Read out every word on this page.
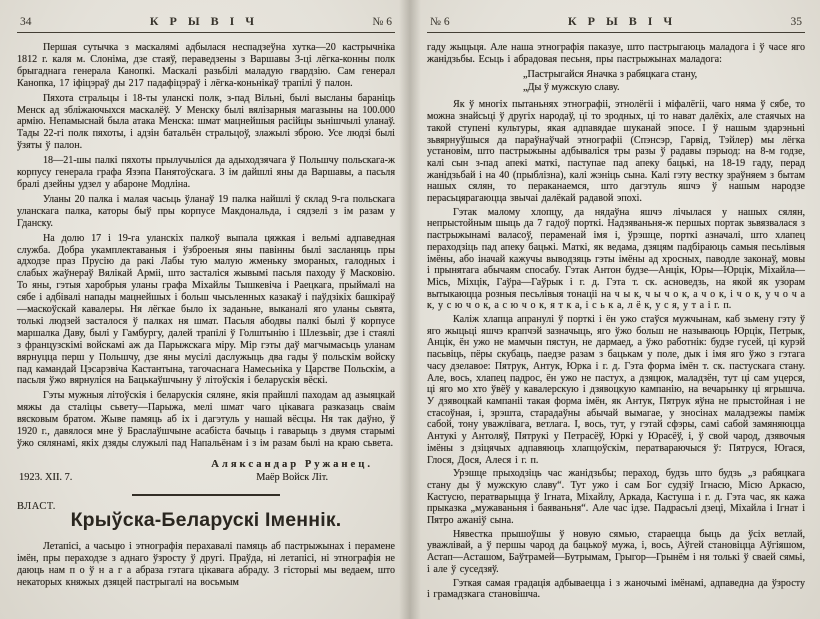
34	КРЫВІЧ	№ 6

Першая сутычка з маскалямі адбылася неспадзеўна хутка—20 кастрычніка 1812 г. каля м. Слоніма, дзе стаяў, пераведзены з Варшавы 3-ці лёгка-конны полк брыгаднага генерала Канопкі. Маскалі разьбілі маладую гвардзію. Сам генерал Канопка, 17 іфіцэраў ды 217 падафіцэраў і лёгка-коньнікаў трапілі ў палон.

Пяхота стральцы і 18-ты уланскі полк, з-пад Вільні, былі высланы бараніць Менск ад збліжаючыхся маскалёў. У Менску былі вялізарныя магазыны на 100.000 армію. Непамыснай была атака Менска: шмат мацнейшыя расійцы зьнішчылі уланаў. Тады 22-гі полк пяхоты, і адзін батальён стральцоў, злажылі зброю. Усе людзі былі ўзяты ў палон.

18—21-шы палкі пяхоты прылучыліся да адыходзячага ў Польшчу польскага-ж корпусу генерала графа Язэпа Панятоўскага. З ім дайшлі яны да Варшавы, а пасьля бралі дзейны удзел у абароне Модліна.

Уланы 20 палка і малая часьць ўланаў 19 палка найшлі ў склад 9-га польскага уланскага палка, каторы быў пры корпусе Макдональда, і сядзелі з ім разам у Гданску.

На долю 17 і 19-га уланскіх палкоў выпала цяжкая і вельмі адпаведная служба. Добра укамплектаваныя і ўзброеныя яны павінны былі засланяць пры адходзе праз Прусію да ракі Лабы тую малую жменьку змораных, галодных і слабых жаўнераў Вялікай Арміі, што засталіся жывымі пасьля паходу ў Масковію. То яны, гэтыя харобрыя уланы графа Міхайлы Тышкевіча і Раецкага, прыймалі на сябе і адбівалі напады мацнейшых і больш чысьленных казакаў і паўдзікіх башкіраў—маскоўскай кавалеры. Ня лёгкае было іх заданьне, выканалі яго уланы сьвята, толькі людзей засталося ў палках ня шмат. Пасьля абодвы палкі былі ў корпусе маршалка Даву, былі у Гамбургу, далей трапілі ў Голштынію і Шлезьвіг, дзе і стаялі з французскімі войскамі аж да Парыжскага міру. Мір гэты даў магчымасьць уланам вярнуцца перш у Польшчу, дзе яны мусілі даслужыць два гады ў польскім войску пад камандай Цэсарэвіча Кастантына, тагочаснага Намесьніка у Царстве Польскім, а пасьля ўжо вярнуліся на Бацькаўшчыну ў літоўскія і беларускія вёскі.

Гэты мужныя літоўскія і беларускія сяляне, якія прайшлі паходам ад азыяцкай мяжы да сталіцы сьвету—Парыжа, мелі шмат чаго цікавага разказаць сваім вясковым братом. Жыве памяць аб іх і дагэтуль у нашай вёсцы. Ня так даўно, ў 1920 г., давялося мне ў Браслаўшчыне асабіста бачыць і гаварыць з двумя старымі ўжо сялянамі, якіх дзяды служылі пад Напальёнам і з ім разам былі на краю сьвета.

1923. XII. 7.
Аляксандар Ружанец.
Маёр Войск Літ.
ВЛАСТ.
Крыўска-Беларускі Іменнік.

Летапісі, а часьцю і этнографія перахавалі памяць аб пастрыжынах і перамене імён, пры пераходзе з аднаго ўзросту ў другі. Праўда, ні летапісі, ні этнографія не даюць нам п о ў н а г а абраза гэтага цікавага абраду. З гісторыі мы ведаем, што некаторых княжых дзяцей пастрыгалі на восьмым

№ 6	КРЫВІЧ	35

гаду жыцьця. Але наша этнографія паказуе, што пастрыгаюць маладога і ў часе яго жанідзьбы. Есьць і абрадовая песьня, пры пастрыжынах маладога:

„Пастрыгайся Яначка з рабяцкага стану,
„Ды ў мужскую славу.

Як ў многіх пытаньнях этнографіі, этнолёгіі і міфалёгіі, чаго няма ў сябе, то можна знайсьці ў другіх народаў, ці то зродных, ці то нават далёкіх, але стаячых на такой ступені культуры, якая адпавядае шуканай эпосе. І ў нашым здарэньні зьвярнуўшыся да параўнаўчай этнографіі (Спэнсэр, Гарвід, Тэйлер) мы лёгка установім, што пастрыжыны адбываліся тры разы ў радавы пэрыод: на 8-м годзе, калі сын з-пад апекі маткі, паступае пад апеку бацькі, на 18-19 гаду, перад жанідзьбай і на 40 (прыблізна), калі жэніць сына. Калі гэту вестку зраўняем з бытам нашых сялян, то пераканаемся, што дагэтуль яшчэ ў нашым народзе перасьцярагаюцца звычаі далёкай радавой эпохі.

Гэтак малому хлопцу, да нядаўна яшчэ лічылася у нашых сялян, непрыстойным шыць да 7 гадоў порткі. Надзяваньня-ж першых портак зьвязвалася з пастрыжынамі валасоў, пераменай імя і, ўрэшце, порткі азначалі, што хлапец пераходзіць пад апеку бацькі. Маткі, як ведама, дзяцям падбіраюць самыя песьлівыя імёны, або іначай кажучы выводзяць гэты імёны ад хросных, паводле законаў, мовы і прынятага абычаям спосабу. Гэтак Антон будзе—Анцік, Юры—Юрцік, Міхайла—Місь, Міхцік, Гаўра—Гаўрык і г. д. Гэта т. ск. асноведзь, на якой як узорам вытыкаюцца розныя песьлівыя тонаціі на ч ы к, ч ы ч о к, а ч о к, і ч о к, у ч о ч а к, у с ю ч о к, а с ю ч о к, я т к а, і с ь к а, л ё к, у с я, у т а і г. п.

Каліж хлапца апранулі ў порткі і ён ужо стаўся мужчынам, каб зьмену гэту ў яго жыцьці яшчэ крапчэй зазначыць, яго ўжо больш не называюць Юрцік, Петрык, Анцік, ён ужо не мамчын пястун, не дармаед, а ўжо работнік: будзе гусей, ці курэй пасьвіць, пёры скубаць, паедзе разам з бацькам у поле, дык і імя яго ўжо з гэтага часу дзелавое: Пятрук, Антук, Юрка і г. д. Гэта форма імён т. ск. пастускага стану. Але, вось, хлапец падрос, ён ужо не пастух, а дзяцюк, маладзён, тут ці сам уцерся, ці яго мо хто ўвёў у кавалерскую і дзявоцкую кампанію, на вечарынку ці ягрышча. У дзявоцкай кампаніі такая форма імён, як Антук, Пятрук яўна не прыстойная і не стасоўная, і, зрэшта, старадаўны абычай вымагае, у зносінах маладзежы паміж сабой, тону уважлівага, ветлага. І, вось, тут, у гэтай сфэры, самі сабой замяняюцца Антукі у Антоляў, Пятрукі у Петрасёў, Юркі у Юрасёў, і, ў свой чарод, дзявочыя імёны з дзіцячых адпавяюць хлапцоўскім, ператвараючыся ў: Пятруся, Югася, Глося, Дося, Алеся і г. п.

Урэшце прыходзіць час жанідзьбы; пераход, будзь што будзь „з рабяцкага стану ды ў мужскую славу“. Тут ужо і сам Бог судзіў Ігнасю, Місю Аркасю, Кастусю, ператварыцца ў Ігната, Міхайлу, Аркада, Кастуша і г. д. Гэта час, як кажа прыказка „мужаваньня і баяваньня“. Але час ідзе. Падрасьлі дзеці, Міхайла і Ігнат і Пятро ажаніў сына.

Нявестка прышоўшы ў новую сямью, стараецца быць да ўсіх ветлай, уважлівай, а ў першы чарод да бацькоў мужа, і, вось, Аўгей становіцца Аўгіяшом, Астап—Асташом, Баўтрамей—Бутрымам, Грыгор—Грынём і ня толькі ў сваей сямьі, і але ў суседзяў.

Гэткая самая градація адбываецца і з жаночымі імёнамі, адпаведна да ўзросту і грамадзкага становішча.
